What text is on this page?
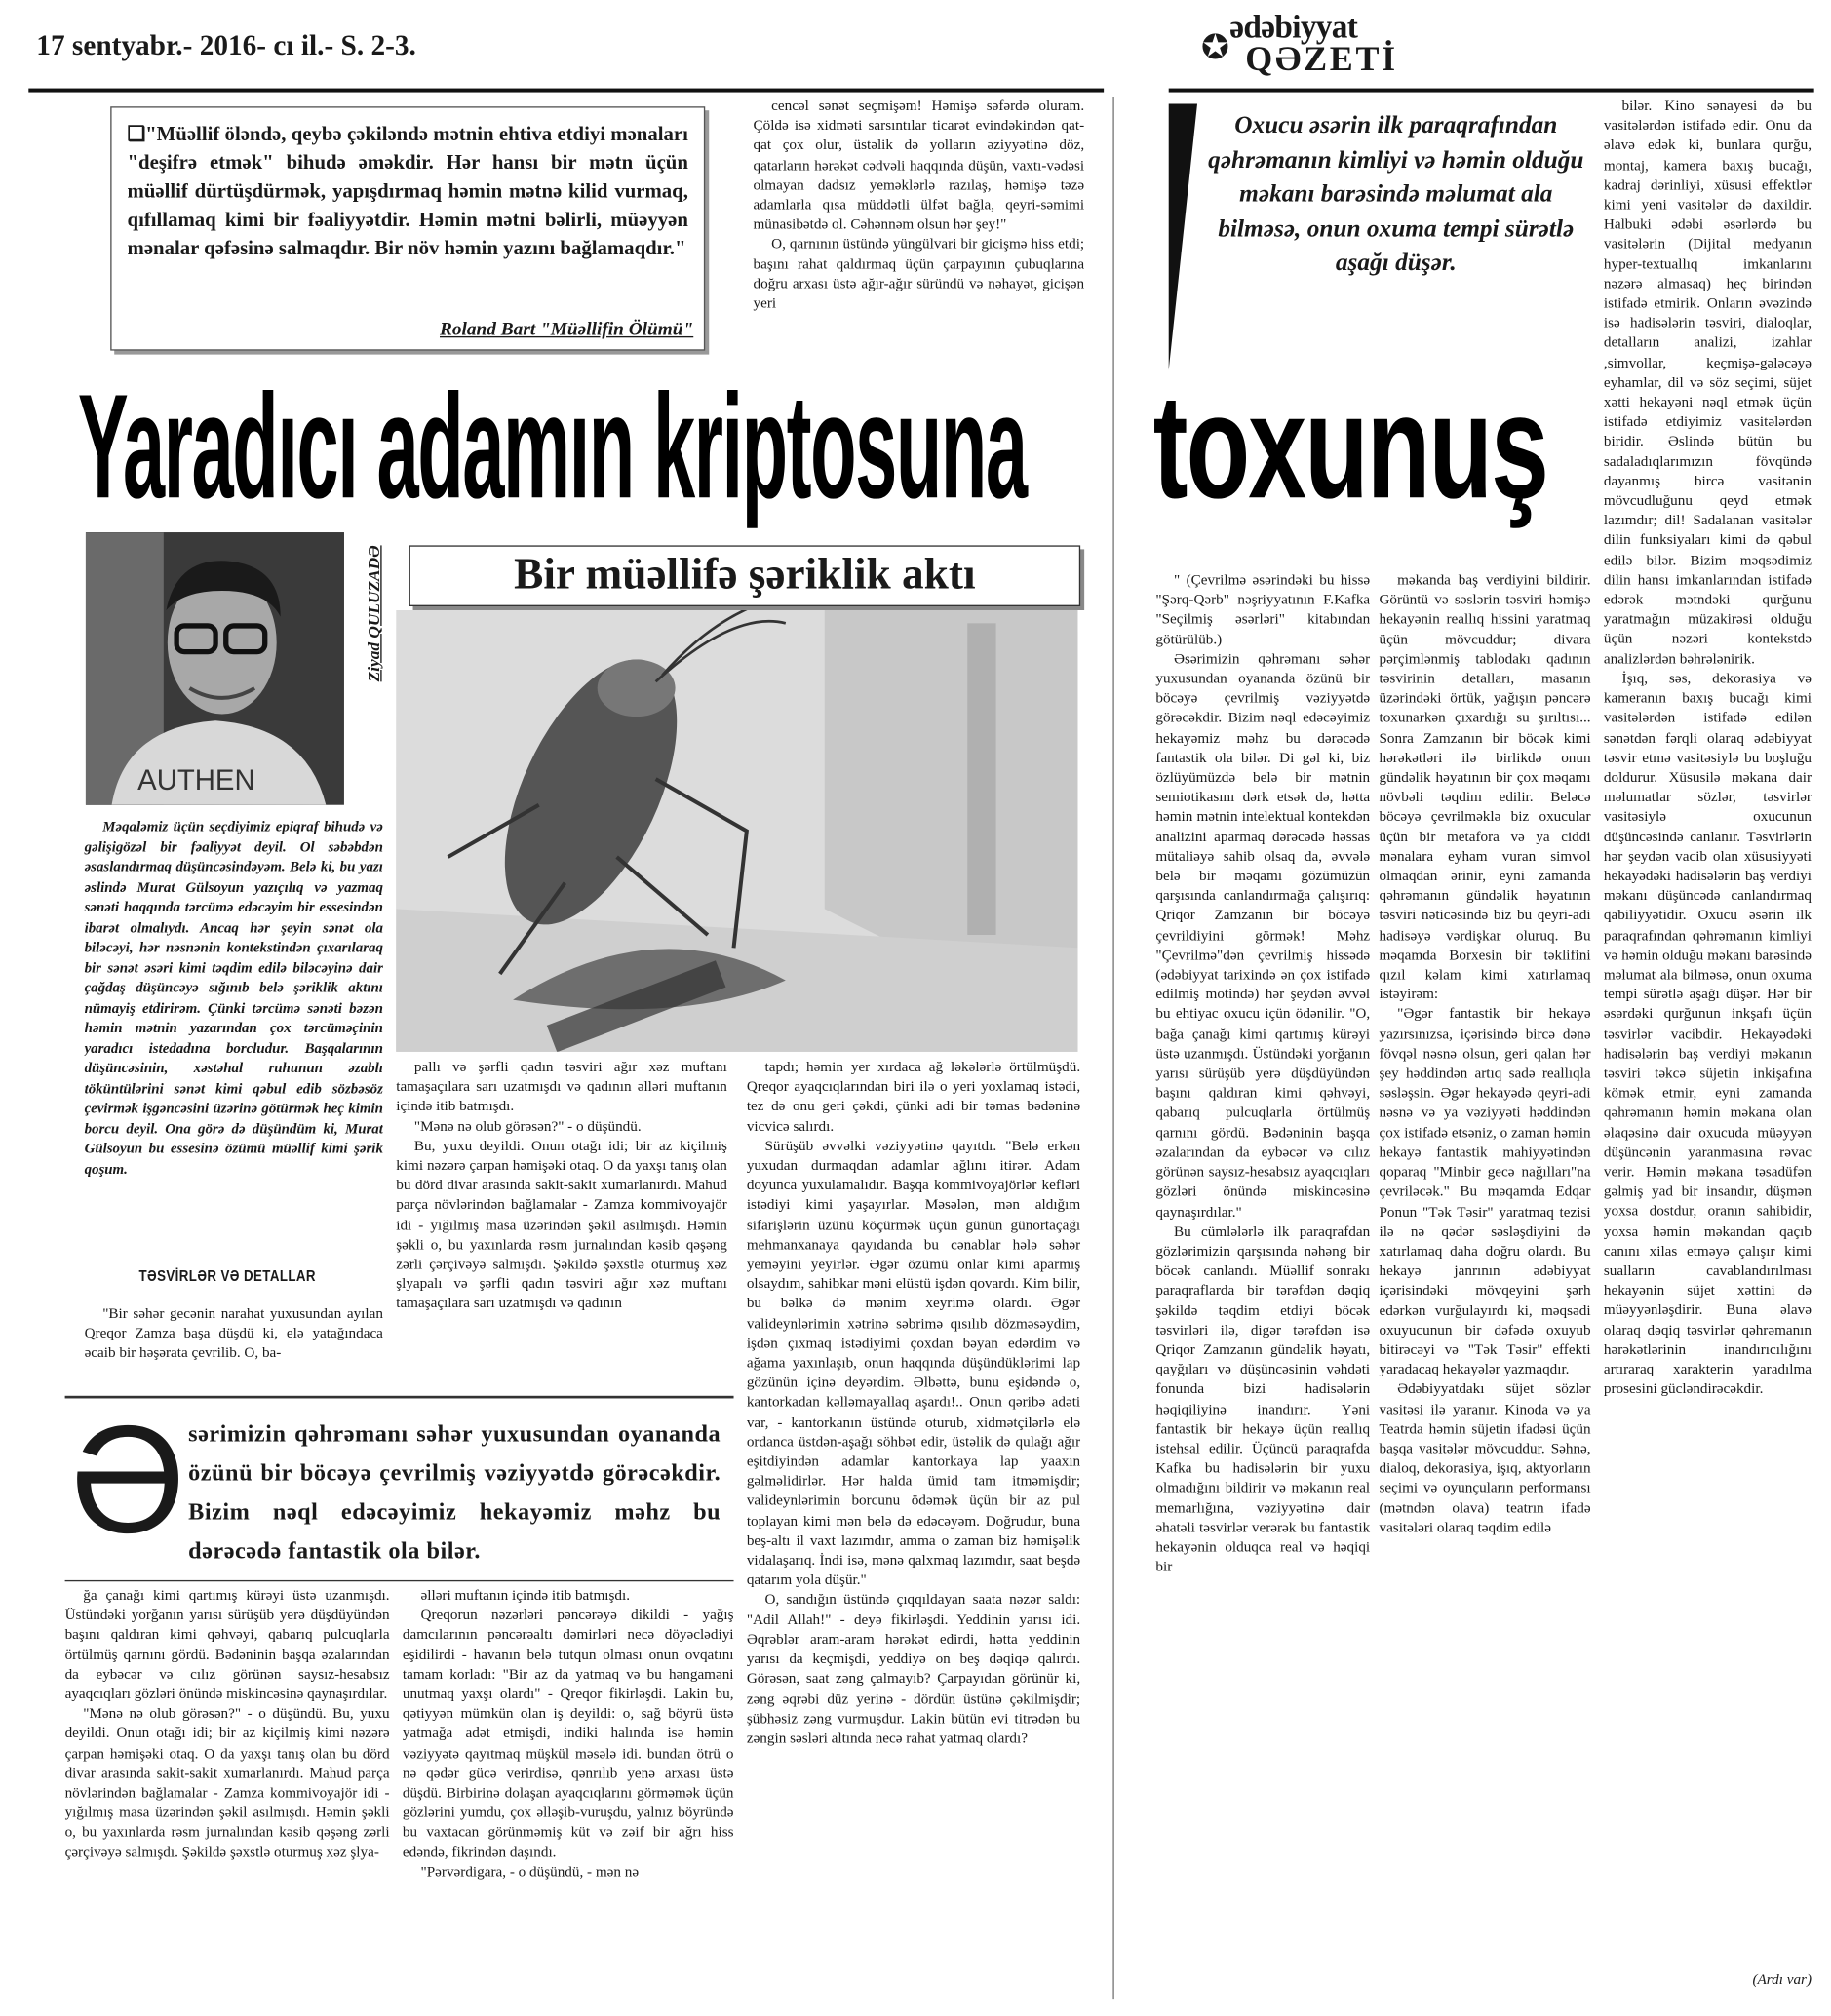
17 sentyabr.- 2016- cı il.- S. 2-3.	✪
ədəbiyyat
QƏZETİ
❑"Müəllif öləndə, qeybə çəkiləndə mətnin ehtiva etdiyi mənaları "deşifrə etmək" bihudə əməkdir. Hər hansı bir mətn üçün müəllif dürtüşdürmək, yapışdırmaq həmin mətnə kilid vurmaq, qıfıllamaq kimi bir fəaliyyətdir. Həmin mətni bəlirli, müəyyən mənalar qəfəsinə salmaqdır. Bir növ həmin yazını bağlamaqdır."
Roland Bart "Müəllifin Ölümü"

cencəl sənət seçmişəm! Həmişə səfərdə oluram. Çöldə isə xidməti sarsıntılar ticarət evindəkindən qat-qat çox olur, üstəlik də yolların əziyyətinə döz, qatarların hərəkət cədvəli haqqında düşün, vaxtı-vədəsi olmayan dadsız yeməklərlə razılaş, həmişə təzə adamlarla qısa müddətli ülfət bağla, qeyri-səmimi münasibətdə ol. Cəhənnəm olsun hər şey!"

O, qarnının üstündə yüngülvari bir gicişmə hiss etdi; başını rahat qaldırmaq üçün çarpayının çubuqlarına doğru arxası üstə ağır-ağır süründü və nəhayət, gicişən yeri

Oxucu əsərin ilk paraqrafından qəhrəmanın kimliyi və həmin olduğu məkanı barəsində məlumat ala bilməsə, onun oxuma tempi sürətlə aşağı düşər.
Yaradıcı adamın kriptosuna toxunuş
AUTHEN
Ziyad QULUZADƏ	Bir müəllifə şəriklik aktı

Məqaləmiz üçün seçdiyimiz epiqraf bihudə və gəlişigözəl bir fəaliyyət deyil. Ol səbəbdən əsaslandırmaq düşüncəsindəyəm. Belə ki, bu yazı əslində Murat Gülsoyun yazıçılıq və yazmaq sənəti haqqında tərcümə edəcəyim bir essesindən ibarət olmalıydı. Ancaq hər şeyin sənət ola biləcəyi, hər nəsnənin kontekstindən çıxarılaraq bir sənət əsəri kimi təqdim edilə biləcəyinə dair çağdaş düşüncəyə sığınıb belə şəriklik aktını nümayiş etdirirəm. Çünki tərcümə sənəti bəzən həmin mətnin yazarından çox tərcüməçinin yaradıcı istedadına borcludur. Başqalarının düşüncəsinin, xəstəhal ruhunun əzablı töküntülərini sənət kimi qəbul edib sözbəsöz çevirmək işgəncəsini üzərinə götürmək heç kimin borcu deyil. Ona görə də düşündüm ki, Murat Gülsoyun bu essesinə özümü müəllif kimi şərik qoşum.

TƏSVİRLƏR VƏ DETALLAR

"Bir səhər gecənin narahat yuxusundan ayılan Qreqor Zamza başa düşdü ki, elə yatağındaca əcaib bir həşərata çevrilib. O, ba-

pallı və şərfli qadın təsviri ağır xəz muftanı tamaşaçılara sarı uzatmışdı və qadının əlləri muftanın içində itib batmışdı.

"Mənə nə olub görəsən?" - o düşündü.

Bu, yuxu deyildi. Onun otağı idi; bir az kiçilmiş kimi nəzərə çarpan həmişəki otaq. O da yaxşı tanış olan bu dörd divar arasında sakit-sakit xumarlanırdı. Mahud parça növlərindən bağlamalar - Zamza kommivoyajör idi - yığılmış masa üzərindən şəkil asılmışdı. Həmin şəkli o, bu yaxınlarda rəsm jurnalından kəsib qəşəng zərli çərçivəyə salmışdı. Şəkildə şəxstlə oturmuş xəz şlyapalı və şərfli qadın təsviri ağır xəz muftanı tamaşaçılara sarı uzatmışdı və qadının

tapdı; həmin yer xırdaca ağ ləkələrlə örtülmüşdü. Qreqor ayaqcıqlarından biri ilə o yeri yoxlamaq istədi, tez də onu geri çəkdi, çünki adi bir təmas bədəninə vicvicə salırdı.

Sürüşüb əvvəlki vəziyyətinə qayıtdı. "Belə erkən yuxudan durmaqdan adamlar ağlını itirər. Adam doyunca yuxulamalıdır. Başqa kommivoyajörlər kefləri istədiyi kimi yaşayırlar. Məsələn, mən aldığım sifarişlərin üzünü köçürmək üçün günün günortaçağı mehmanxanaya qayıdanda bu cənablar hələ səhər yeməyini yeyirlər. Əgər özümü onlar kimi aparmış olsaydım, sahibkar məni elüstü işdən qovardı. Kim bilir, bu bəlkə də mənim xeyrimə olardı. Əgər valideynlərimin xətrinə səbrimə qısılıb dözməsəydim, işdən çıxmaq istədiyimi çoxdan bəyan edərdim və ağama yaxınlaşıb, onun haqqında düşündüklərimi lap gözünün içinə deyərdim. Əlbəttə, bunu eşidəndə o, kantorkadan kəlləmayallaq aşardı!.. Onun qəribə adəti var, - kantorkanın üstündə oturub, xidmətçilərlə elə ordanca üstdən-aşağı söhbət edir, üstəlik də qulağı ağır eşitdiyindən adamlar kantorkaya lap yaaxın gəlməlidirlər. Hər halda ümid tam itməmişdir; valideynlərimin borcunu ödəmək üçün bir az pul toplayan kimi mən belə də edəcəyəm. Doğrudur, buna beş-altı il vaxt lazımdır, amma o zaman biz həmişəlik vidalaşarıq. İndi isə, mənə qalxmaq lazımdır, saat beşdə qatarım yola düşür."

O, sandığın üstündə çıqqıldayan saata nəzər saldı: "Adil Allah!" - deyə fikirləşdi. Yeddinin yarısı idi. Əqrəblər aram-aram hərəkət edirdi, hətta yeddinin yarısı da keçmişdi, yeddiyə on beş dəqiqə qalırdı. Görəsən, saat zəng çalmayıb? Çarpayıdan görünür ki, zəng əqrəbi düz yerinə - dördün üstünə çəkilmişdir; şübhəsiz zəng vurmuşdur. Lakin bütün evi titrədən bu zəngin səsləri altında necə rahat yatmaq olardı?

Ə sərimizin qəhrəmanı səhər yuxusundan oyananda özünü bir böcəyə çevrilmiş vəziyyətdə görəcəkdir. Bizim nəql edəcəyimiz hekayəmiz məhz bu dərəcədə fantastik ola bilər.

ğa çanağı kimi qartımış kürəyi üstə uzanmışdı. Üstündəki yorğanın yarısı sürüşüb yerə düşdüyündən başını qaldıran kimi qəhvəyi, qabarıq pulcuqlarla örtülmüş qarnını gördü. Bədəninin başqa əzalarından da eybəcər və cılız görünən saysız-hesabsız ayaqcıqları gözləri önündə miskincəsinə qaynaşırdılar.

"Mənə nə olub görəsən?" - o düşündü. Bu, yuxu deyildi. Onun otağı idi; bir az kiçilmiş kimi nəzərə çarpan həmişəki otaq. O da yaxşı tanış olan bu dörd divar arasında sakit-sakit xumarlanırdı. Mahud parça növlərindən bağlamalar - Zamza kommivoyajör idi - yığılmış masa üzərindən şəkil asılmışdı. Həmin şəkli o, bu yaxınlarda rəsm jurnalından kəsib qəşəng zərli çərçivəyə salmışdı. Şəkildə şəxstlə oturmuş xəz şlya-

əlləri muftanın içində itib batmışdı.

Qreqorun nəzərləri pəncərəyə dikildi - yağış damcılarının pəncərəaltı dəmirləri necə döyəclədiyi eşidilirdi - havanın belə tutqun olması onun ovqatını tamam korladı: "Bir az da yatmaq və bu həngaməni unutmaq yaxşı olardı" - Qreqor fikirləşdi. Lakin bu, qətiyyən mümkün olan iş deyildi: o, sağ böyrü üstə yatmağa adət etmişdi, indiki halında isə həmin vəziyyətə qayıtmaq müşkül məsələ idi. bundan ötrü o nə qədər gücə verirdisə, qənrılıb yenə arxası üstə düşdü. Birbirinə dolaşan ayaqcıqlarını görməmək üçün gözlərini yumdu, çox əlləşib-vuruşdu, yalnız böyründə bu vaxtacan görünməmiş küt və zəif bir ağrı hiss edəndə, fikrindən daşındı.

"Pərvərdigara, - o düşündü, - mən nə

" (Çevrilmə əsərindəki bu hissə "Şərq-Qərb" nəşriyyatının F.Kafka "Seçilmiş əsərləri" kitabından götürülüb.)

Əsərimizin qəhrəmanı səhər yuxusundan oyananda özünü bir böcəyə çevrilmiş vəziyyətdə görəcəkdir. Bizim nəql edəcəyimiz hekayəmiz məhz bu dərəcədə fantastik ola bilər. Di gəl ki, biz özlüyümüzdə belə bir mətnin semiotikasını dərk etsək də, hətta həmin mətnin intelektual kontekdən analizini aparmaq dərəcədə həssas mütaliəyə sahib olsaq da, əvvələ belə bir məqamı gözümüzün qarşısında canlandırmağa çalışırıq: Qriqor Zamzanın bir böcəyə çevrildiyini görmək! Məhz "Çevrilmə"dən çevrilmiş hissədə (ədəbiyyat tarixində ən çox istifadə edilmiş motində) hər şeydən əvvəl bu ehtiyac oxucu içün ödənilir. "O, bağa çanağı kimi qartımış kürəyi üstə uzanmışdı. Üstündəki yorğanın yarısı sürüşüb yerə düşdüyündən başını qaldıran kimi qəhvəyi, qabarıq pulcuqlarla örtülmüş qarnını gördü. Bədəninin başqa əzalarından da eybəcər və cılız görünən saysız-hesabsız ayaqcıqları gözləri önündə miskincəsinə qaynaşırdılar."

Bu cümlələrlə ilk paraqrafdan gözlərimizin qarşısında nəhəng bir böcək canlandı. Müəllif sonrakı paraqraflarda bir tərəfdən dəqiq şəkildə təqdim etdiyi böcək təsvirləri ilə, digər tərəfdən isə Qriqor Zamzanın gündəlik həyatı, qayğıları və düşüncəsinin vəhdəti fonunda bizi hadisələrin həqiqiliyinə inandırır. Yəni fantastik bir hekayə üçün reallıq istehsal edilir. Üçüncü paraqrafda Kafka bu hadisələrin bir yuxu olmadığını bildirir və məkanın real memarlığına, vəziyyətinə dair əhatəli təsvirlər verərək bu fantastik hekayənin olduqca real və həqiqi bir

məkanda baş verdiyini bildirir. Görüntü və səslərin təsviri həmişə hekayənin reallıq hissini yaratmaq üçün mövcuddur; divara pərçimlənmiş tablodakı qadının təsvirinin detalları, masanın üzərindəki örtük, yağışın pəncərə toxunarkən çıxardığı su şırıltısı... Sonra Zamzanın bir böcək kimi hərəkətləri ilə birlikdə onun gündəlik həyatının bir çox məqamı növbəli təqdim edilir. Beləcə böcəyə çevrilməklə biz oxucular üçün bir metafora və ya ciddi mənalara eyham vuran simvol olmaqdan ərinir, eyni zamanda qəhrəmanın gündəlik həyatının təsviri nəticəsində biz bu qeyri-adi hadisəyə vərdişkar oluruq. Bu məqamda Borxesin bir təklifini qızıl kəlam kimi xatırlamaq istəyirəm:

"Əgər fantastik bir hekayə yazırsınızsa, içərisində bircə dənə fövqəl nəsnə olsun, geri qalan hər şey həddindən artıq sadə reallıqla səsləşsin. Əgər hekayədə qeyri-adi nəsnə və ya vəziyyəti həddindən çox istifadə etsəniz, o zaman həmin hekayə fantastik mahiyyətindən qoparaq "Minbir gecə nağılları"na çevriləcək." Bu məqamda Edqar Ponun "Tək Təsir" yaratmaq tezisi ilə nə qədər səsləşdiyini də xatırlamaq daha doğru olardı. Bu hekayə janrının ədəbiyyat içərisindəki mövqeyini şərh edərkən vurğulayırdı ki, məqsədi oxuyucunun bir dəfədə oxuyub bitirəcəyi və "Tək Təsir" effekti yaradacaq hekayələr yazmaqdır.

Ədəbiyyatdakı süjet sözlər vasitəsi ilə yaranır. Kinoda və ya Teatrda həmin süjetin ifadəsi üçün başqa vasitələr mövcuddur. Səhnə, dialoq, dekorasiya, işıq, aktyorların seçimi və oyunçuların performansı (mətndən olava) teatrın ifadə vasitələri olaraq təqdim edilə

bilər. Kino sənayesi də bu vasitələrdən istifadə edir. Onu da əlavə edək ki, bunlara qurğu, montaj, kamera baxış bucağı, kadraj dərinliyi, xüsusi effektlər kimi yeni vasitələr də daxildir. Halbuki ədəbi əsərlərdə bu vasitələrin (Dijital medyanın hyper-textuallıq imkanlarını nəzərə almasaq) heç birindən istifadə etmirik. Onların əvəzində isə hadisələrin təsviri, dialoqlar, detalların analizi, izahlar ,simvollar, keçmişə-gələcəyə eyhamlar, dil və söz seçimi, süjet xətti hekayəni nəql etmək üçün istifadə etdiyimiz vasitələrdən biridir. Əslində bütün bu sadaladıqlarımızın fövqündə dayanmış bircə vasitənin mövcudluğunu qeyd etmək lazımdır; dil! Sadalanan vasitələr dilin funksiyaları kimi də qəbul edilə bilər. Bizim məqsədimiz dilin hansı imkanlarından istifadə edərək mətndəki qurğunu yaratmağın müzakirəsi olduğu üçün nəzəri kontekstdə analizlərdən bəhrələnirik.

İşıq, səs, dekorasiya və kameranın baxış bucağı kimi vasitələrdən istifadə edilən sənətdən fərqli olaraq ədəbiyyat təsvir etmə vasitəsiylə bu boşluğu doldurur. Xüsusilə məkana dair məlumatlar sözlər, təsvirlər vasitəsiylə oxucunun düşüncəsində canlanır. Təsvirlərin hər şeydən vacib olan xüsusiyyəti hekayədəki hadisələrin baş verdiyi məkanı düşüncədə canlandırmaq qabiliyyətidir. Oxucu əsərin ilk paraqrafından qəhrəmanın kimliyi və həmin olduğu məkanı barəsində məlumat ala bilməsə, onun oxuma tempi sürətlə aşağı düşər. Hər bir əsərdəki qurğunun inkşafı üçün təsvirlər vacibdir. Hekayədəki hadisələrin baş verdiyi məkanın təsviri təkcə süjetin inkişafına kömək etmir, eyni zamanda qəhrəmanın həmin məkana olan əlaqəsinə dair oxucuda müəyyən düşüncənin yaranmasına rəvac verir. Həmin məkana təsadüfən gəlmiş yad bir insandır, düşmən yoxsa dostdur, oranın sahibidir, yoxsa həmin məkandan qaçıb canını xilas etməyə çalışır kimi sualların cavablandırılması hekayənin süjet xəttini də müəyyənləşdirir. Buna əlavə olaraq dəqiq təsvirlər qəhrəmanın hərəkətlərinin inandırıcılığını artıraraq xarakterin yaradılma prosesini gücləndirəcəkdir.

(Ardı var)
